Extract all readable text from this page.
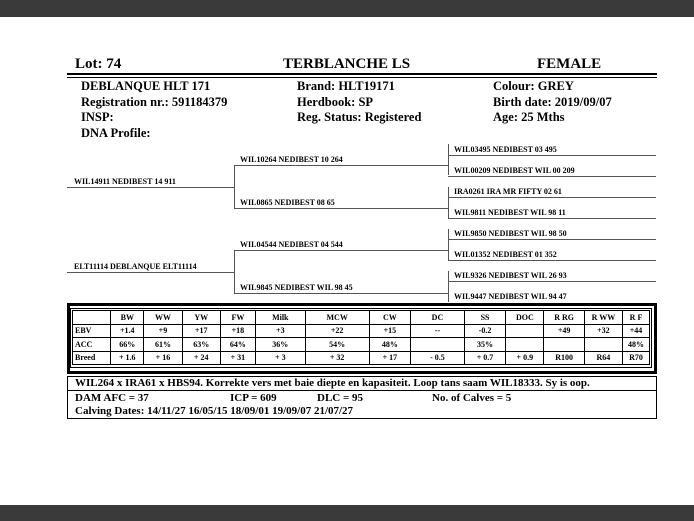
Lot: 74	TERBLANCHE LS	FEMALE
DEBLANQUE HLT 171
Registration nr.: 591184379
INSP:
DNA Profile:
Brand: HLT19171
Herdbook: SP
Reg. Status: Registered
Colour: GREY
Birth date: 2019/09/07
Age: 25 Mths
WIL14911 NEDIBEST 14 911
ELT11114 DEBLANQUE ELT11114
WIL10264 NEDIBEST 10 264
WIL0865 NEDIBEST 08 65
WIL04544 NEDIBEST 04 544
WIL9845 NEDIBEST WIL 98 45
WIL03495 NEDIBEST 03 495
WIL00209 NEDIBEST WIL 00 209
IRA0261 IRA MR FIFTY 02 61
WIL9811 NEDIBEST WIL 98 11
WIL9850 NEDIBEST WIL 98 50
WIL01352 NEDIBEST 01 352
WIL9326 NEDIBEST WIL 26 93
WIL9447 NEDIBEST WIL 94 47
	BW	WW	YW	FW	Milk	MCW	CW	DC	SS	DOC	R RG	R WW	R F
EBV	+1.4	+9	+17	+18	+3	+22	+15	--	-0.2		+49	+32	+44
ACC	66%	61%	63%	64%	36%	54%	48%		35%				48%
Breed	+ 1.6	+ 16	+ 24	+ 31	+ 3	+ 32	+ 17	- 0.5	+ 0.7	+ 0.9	R100	R64	R70
WIL264 x IRA61 x HBS94. Korrekte vers met baie diepte en kapasiteit. Loop tans saam WIL18333. Sy is oop.
DAM AFC = 37	ICP = 609	DLC = 95	No. of Calves = 5
Calving Dates: 14/11/27 16/05/15 18/09/01 19/09/07 21/07/27
